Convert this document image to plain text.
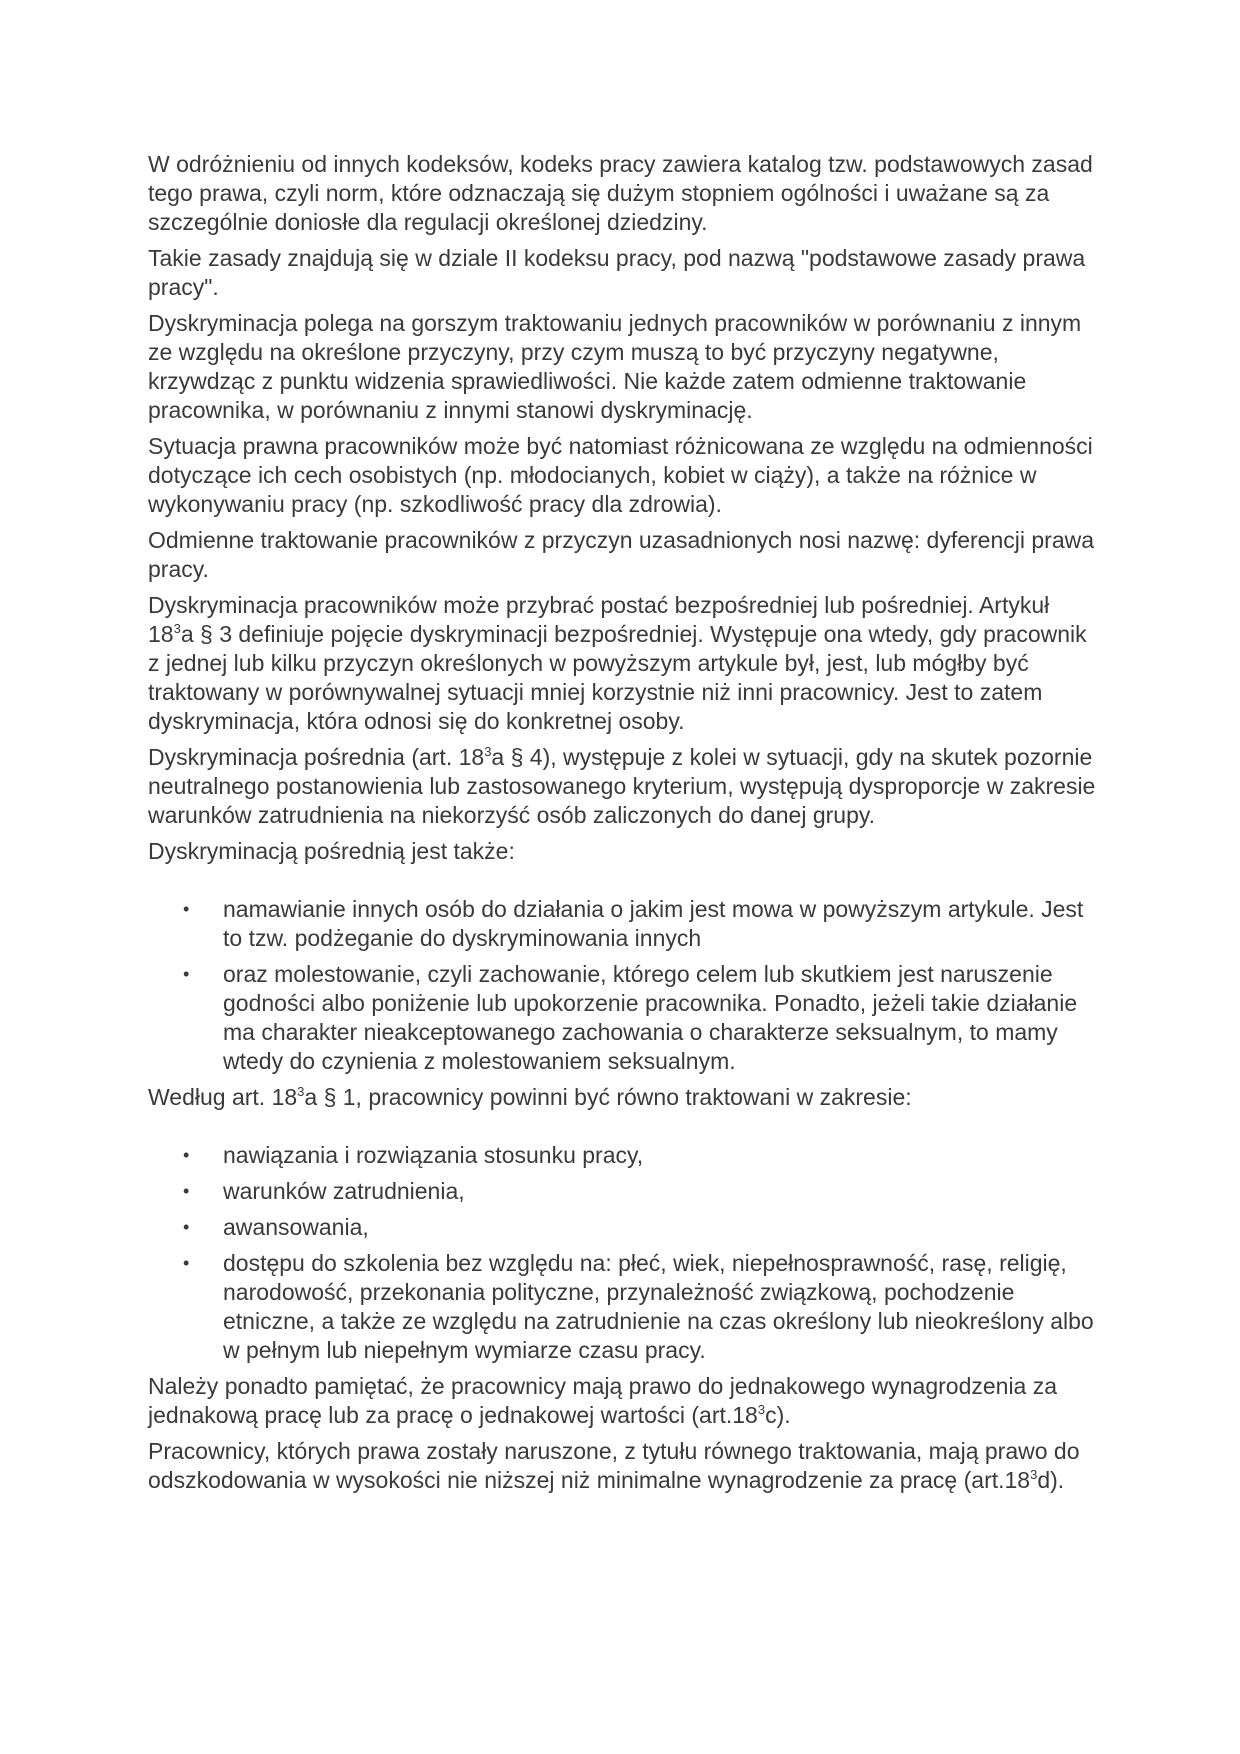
W odróżnieniu od innych kodeksów, kodeks pracy zawiera katalog tzw. podstawowych zasad tego prawa, czyli norm, które odznaczają się dużym stopniem ogólności i uważane są za szczególnie doniosłe dla regulacji określonej dziedziny.

Takie zasady znajdują się w dziale II kodeksu pracy, pod nazwą "podstawowe zasady prawa pracy".

Dyskryminacja polega na gorszym traktowaniu jednych pracowników w porównaniu z innym ze względu na określone przyczyny, przy czym muszą to być przyczyny negatywne, krzywdząc z punktu widzenia sprawiedliwości. Nie każde zatem odmienne traktowanie pracownika, w porównaniu z innymi stanowi dyskryminację.

Sytuacja prawna pracowników może być natomiast różnicowana ze względu na odmienności dotyczące ich cech osobistych (np. młodocianych, kobiet w ciąży), a także na różnice w wykonywaniu pracy (np. szkodliwość pracy dla zdrowia).

Odmienne traktowanie pracowników z przyczyn uzasadnionych nosi nazwę: dyferencji prawa pracy.

Dyskryminacja pracowników może przybrać postać bezpośredniej lub pośredniej. Artykuł $18^3a$ § 3 definiuje pojęcie dyskryminacji bezpośredniej. Występuje ona wtedy, gdy pracownik z jednej lub kilku przyczyn określonych w powyższym artykule był, jest, lub mógłby być traktowany w porównywalnej sytuacji mniej korzystnie niż inni pracownicy. Jest to zatem dyskryminacja, która odnosi się do konkretnej osoby.

Dyskryminacja pośrednia (art. $18^3a$ § 4), występuje z kolei w sytuacji, gdy na skutek pozornie neutralnego postanowienia lub zastosowanego kryterium, występują dysproporcje w zakresie warunków zatrudnienia na niekorzyść osób zaliczonych do danej grupy.

Dyskryminacją pośrednią jest także:

• namawianie innych osób do działania o jakim jest mowa w powyższym artykule. Jest to tzw. podżeganie do dyskryminowania innych
• oraz molestowanie, czyli zachowanie, którego celem lub skutkiem jest naruszenie godności albo poniżenie lub upokorzenie pracownika. Ponadto, jeżeli takie działanie ma charakter nieakceptowanego zachowania o charakterze seksualnym, to mamy wtedy do czynienia z molestowaniem seksualnym.

Według art. $18^3a$ § 1, pracownicy powinni być równo traktowani w zakresie:

• nawiązania i rozwiązania stosunku pracy,
• warunków zatrudnienia,
• awansowania,
• dostępu do szkolenia bez względu na: płeć, wiek, niepełnosprawność, rasę, religię, narodowość, przekonania polityczne, przynależność związkową, pochodzenie etniczne, a także ze względu na zatrudnienie na czas określony lub nieokreślony albo w pełnym lub niepełnym wymiarze czasu pracy.

Należy ponadto pamiętać, że pracownicy mają prawo do jednakowego wynagrodzenia za jednakową pracę lub za pracę o jednakowej wartości $(art.18^3c)$.

Pracownicy, których prawa zostały naruszone, z tytułu równego traktowania, mają prawo do odszkodowania w wysokości nie niższej niż minimalne wynagrodzenie za pracę $(art.18^3d)$.
